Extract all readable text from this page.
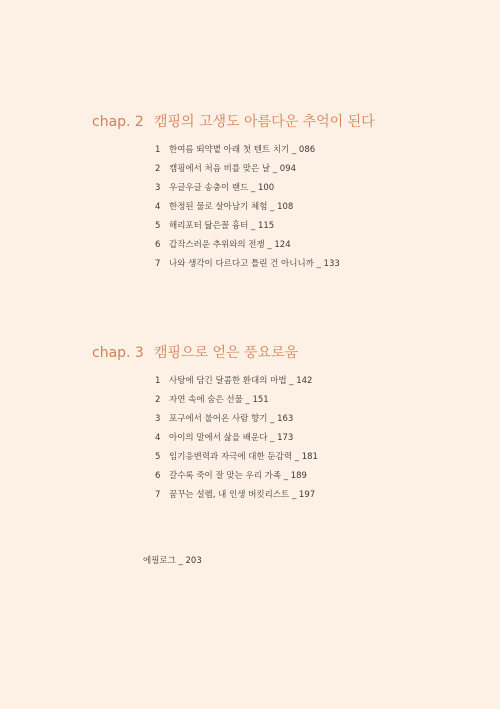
chap. 2 캠핑의 고생도 아름다운 추억이 된다
1 한여름 뙤약볕 아래 첫 텐트 치기 _ 086
2 캠핑에서 처음 비를 맞은 날 _ 094
3 우글우글 송충이 랜드 _ 100
4 한정된 물로 살아남기 체험 _ 108
5 해리포터 닮은꼴 흉터 _ 115
6 갑작스러운 추위와의 전쟁 _ 124
7 나와 생각이 다르다고 틀린 건 아니니까 _ 133
chap. 3 캠핑으로 얻은 풍요로움
1 사탕에 담긴 달콤한 환대의 마법 _ 142
2 자연 속에 숨은 선물 _ 151
3 포구에서 불어온 사람 향기 _ 163
4 아이의 말에서 삶을 배운다 _ 173
5 임기응변력과 자극에 대한 둔감력 _ 181
6 갈수록 죽이 잘 맞는 우리 가족 _ 189
7 꿈꾸는 설렘, 내 인생 버킷리스트 _ 197
에필로그 _ 203
